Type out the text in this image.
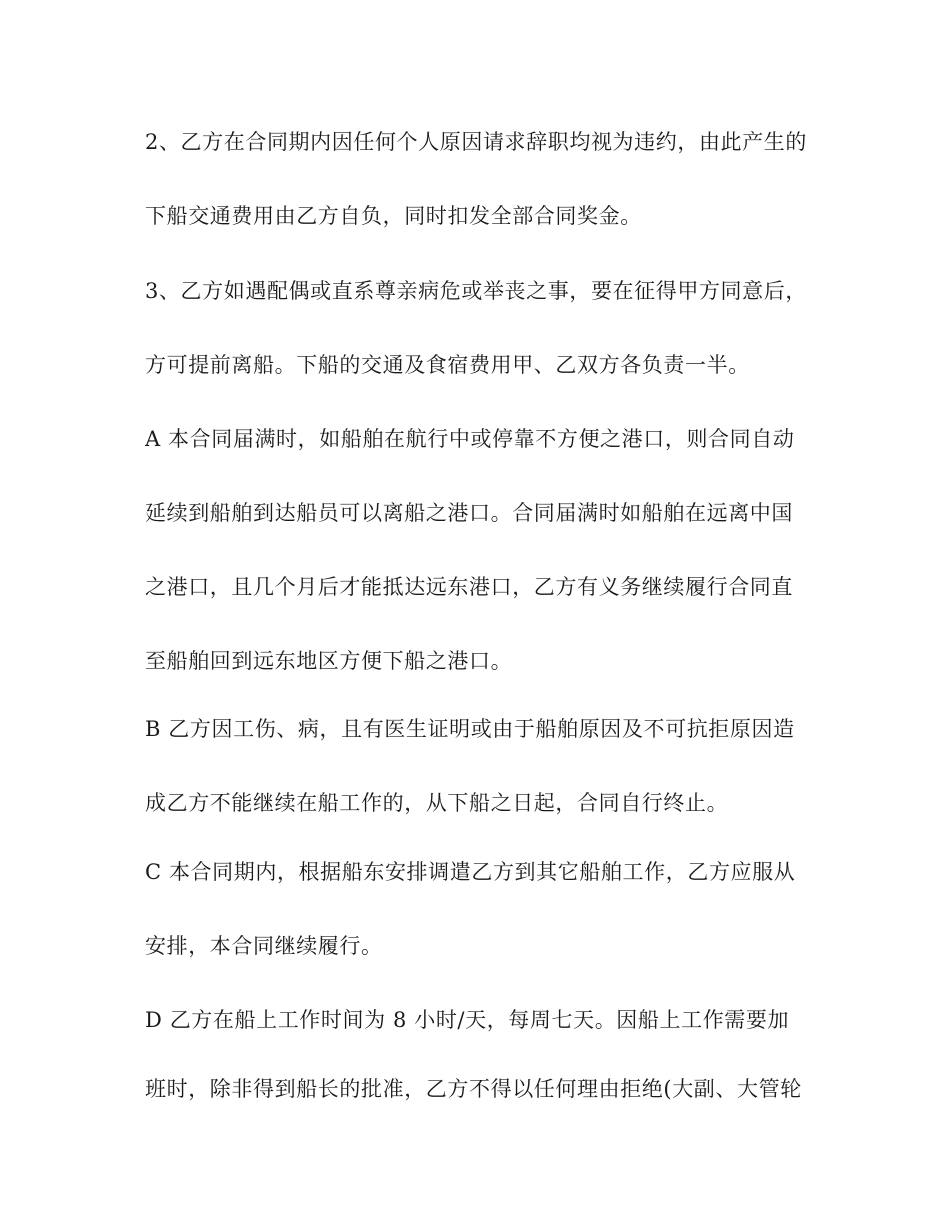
2、乙方在合同期内因任何个人原因请求辞职均视为违约，由此产生的
下船交通费用由乙方自负，同时扣发全部合同奖金。
3、乙方如遇配偶或直系尊亲病危或举丧之事，要在征得甲方同意后，
方可提前离船。下船的交通及食宿费用甲、乙双方各负责一半。
A 本合同届满时，如船舶在航行中或停靠不方便之港口，则合同自动
延续到船舶到达船员可以离船之港口。合同届满时如船舶在远离中国
之港口，且几个月后才能抵达远东港口，乙方有义务继续履行合同直
至船舶回到远东地区方便下船之港口。
B 乙方因工伤、病，且有医生证明或由于船舶原因及不可抗拒原因造
成乙方不能继续在船工作的，从下船之日起，合同自行终止。
C 本合同期内，根据船东安排调遣乙方到其它船舶工作，乙方应服从
安排，本合同继续履行。
D 乙方在船上工作时间为 8 小时/天，每周七天。因船上工作需要加
班时，除非得到船长的批准，乙方不得以任何理由拒绝(大副、大管轮
